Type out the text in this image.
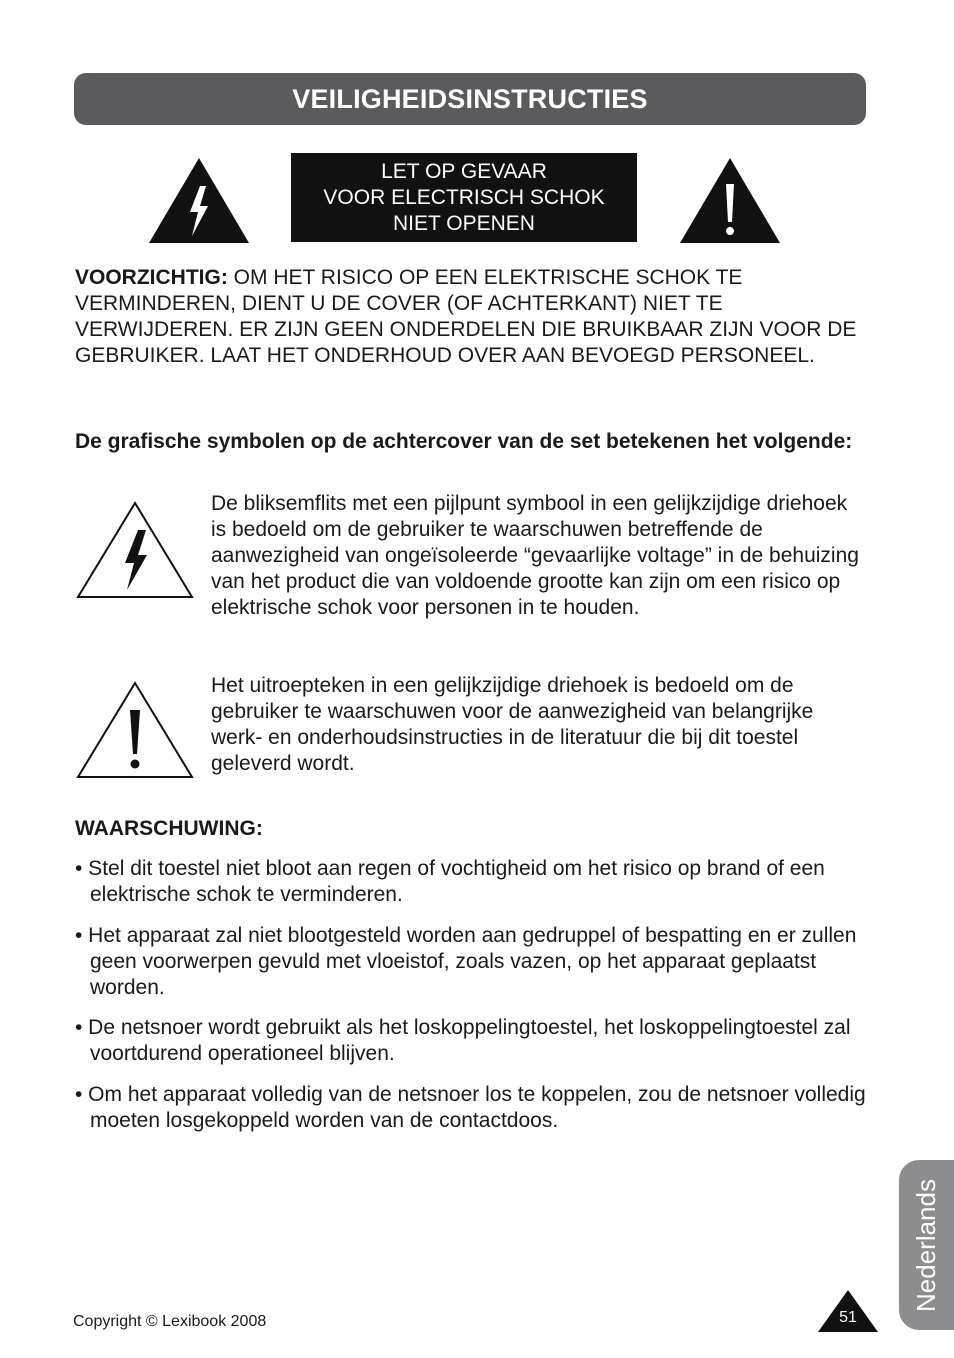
VEILIGHEIDSINSTRUCTIES
LET OP GEVAAR
VOOR ELECTRISCH SCHOK
NIET OPENEN
VOORZICHTIG: OM HET RISICO OP EEN ELEKTRISCHE SCHOK TE VERMINDEREN, DIENT U DE COVER (OF ACHTERKANT) NIET TE VERWIJDEREN. ER ZIJN GEEN ONDERDELEN DIE BRUIKBAAR ZIJN VOOR DE GEBRUIKER. LAAT HET ONDERHOUD OVER AAN BEVOEGD PERSONEEL.
De grafische symbolen op de achtercover van de set betekenen het volgende:
De bliksemflits met een pijlpunt symbool in een gelijkzijdige driehoek is bedoeld om de gebruiker te waarschuwen betreffende de aanwezigheid van ongeïsoleerde “gevaarlijke voltage” in de behuizing van het product die van voldoende grootte kan zijn om een risico op elektrische schok voor personen in te houden.
Het uitroepteken in een gelijkzijdige driehoek is bedoeld om de gebruiker te waarschuwen voor de aanwezigheid van belangrijke werk- en onderhoudsinstructies in de literatuur die bij dit toestel geleverd wordt.
WAARSCHUWING:
• Stel dit toestel niet bloot aan regen of vochtigheid om het risico op brand of een elektrische schok te verminderen.
• Het apparaat zal niet blootgesteld worden aan gedruppel of bespatting en er zullen geen voorwerpen gevuld met vloeistof, zoals vazen, op het apparaat geplaatst worden.
• De netsnoer wordt gebruikt als het loskoppelingtoestel, het loskoppelingtoestel zal voortdurend operationeel blijven.
• Om het apparaat volledig van de netsnoer los te koppelen, zou de netsnoer volledig moeten losgekoppeld worden van de contactdoos.
Copyright © Lexibook 2008	51
Nederlands
